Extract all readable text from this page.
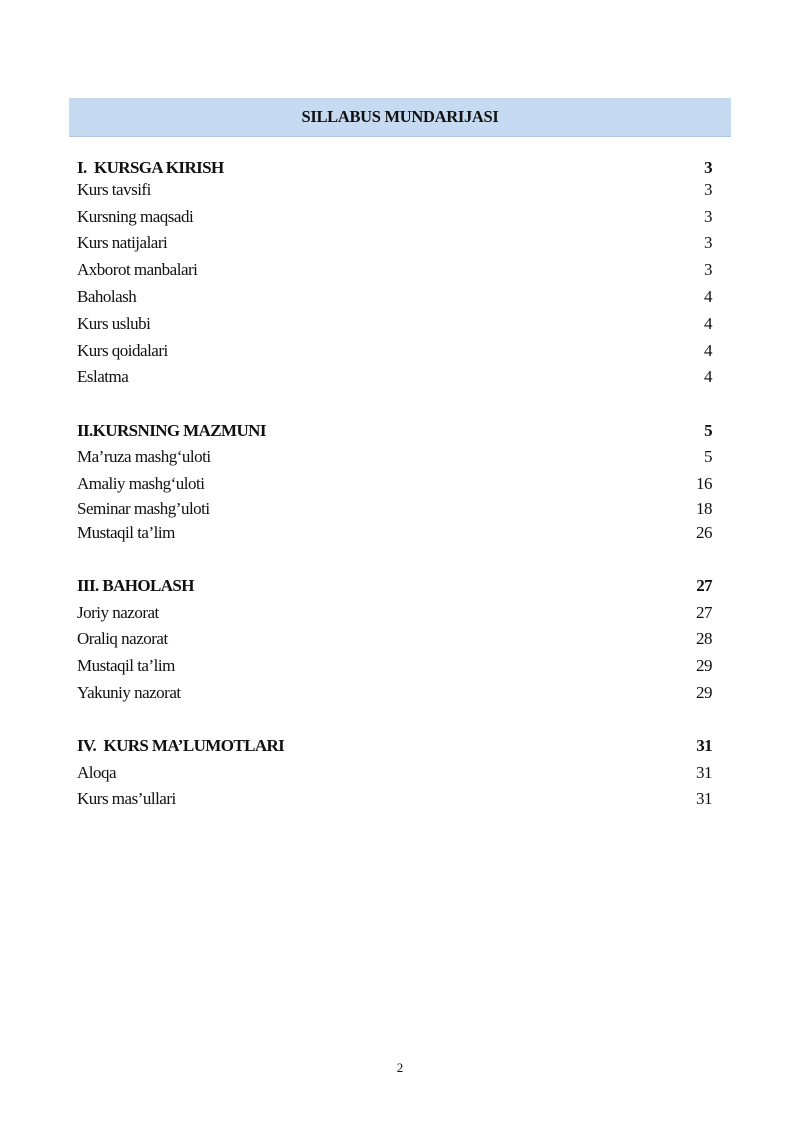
SILLABUS MUNDARIJASI
I.  KURSGA KIRISH	3
Kurs tavsifi	3
Kursning maqsadi	3
Kurs natijalari	3
Axborot manbalari	3
Baholash	4
Kurs uslubi	4
Kurs qoidalari	4
Eslatma	4
II.KURSNING MAZMUNI	5
Ma’ruza mashg‘uloti	5
Amaliy mashg‘uloti	16
Seminar mashg’uloti	18
Mustaqil ta’lim	26
III. BAHOLASH	27
Joriy nazorat	27
Oraliq nazorat	28
Mustaqil ta’lim	29
Yakuniy nazorat	29
IV.  KURS MA’LUMOTLARI	31
Aloqa	31
Kurs mas’ullari	31
2
